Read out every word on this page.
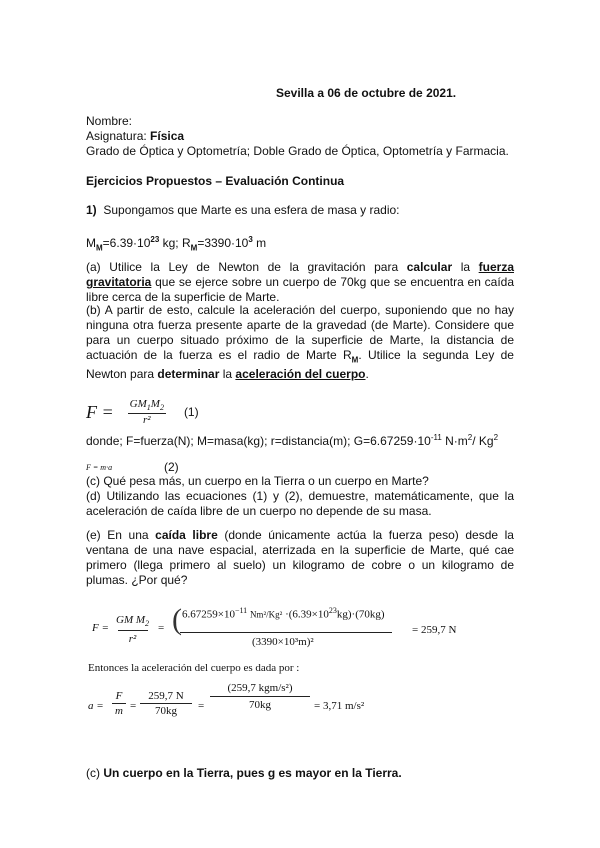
Sevilla a 06 de octubre de 2021.
Nombre:
Asignatura: Física
Grado de Óptica y Optometría; Doble Grado de Óptica, Optometría y Farmacia.
Ejercicios Propuestos – Evaluación Continua
1) Supongamos que Marte es una esfera de masa y radio:
$M_M=6.39\cdot 10^{23}$ kg; $R_M=3390\cdot 10^3$ m
(a) Utilice la Ley de Newton de la gravitación para calcular la fuerza gravitatoria que se ejerce sobre un cuerpo de 70kg que se encuentra en caída libre cerca de la superficie de Marte.
(b) A partir de esto, calcule la aceleración del cuerpo, suponiendo que no hay ninguna otra fuerza presente aparte de la gravedad (de Marte). Considere que para un cuerpo situado próximo de la superficie de Marte, la distancia de actuación de la fuerza es el radio de Marte $R_M$. Utilice la segunda Ley de Newton para determinar la aceleración del cuerpo.
$F = \frac{GM_1M_2}{\text{r²}} (1)$
donde; F=fuerza(N); M=masa(kg); r=distancia(m); $G=6.67259\cdot 10^{-11}$ $N\cdot m^2/$ Kg$^2$
F = m·a	(2)
(c) Qué pesa más, un cuerpo en la Tierra o un cuerpo en Marte?
(d) Utilizando las ecuaciones (1) y (2), demuestre, matemáticamente, que la aceleración de caída libre de un cuerpo no depende de su masa.
(e) En una caída libre (donde únicamente actúa la fuerza peso) desde la ventana de una nave espacial, aterrizada en la superficie de Marte, qué cae primero (llega primero al suelo) un kilogramo de cobre o un kilogramo de plumas. ¿Por qué?
F =
GM $M_2$
r²
= ( $6.67259\times 10^{-11}$ $Nm^2/Kg^2 \cdot(6.39\times 10^{23}kg)\cdot(70kg)$
(3390×10³m)²
= 259,7 N
Entonces la aceleración del cuerpo es dada por :
a =
F
m =
259,7 N
70kg	=
(259,7 kgm/s²)
70kg	= 3,71 m/s²
(c) Un cuerpo en la Tierra, pues g es mayor en la Tierra.
